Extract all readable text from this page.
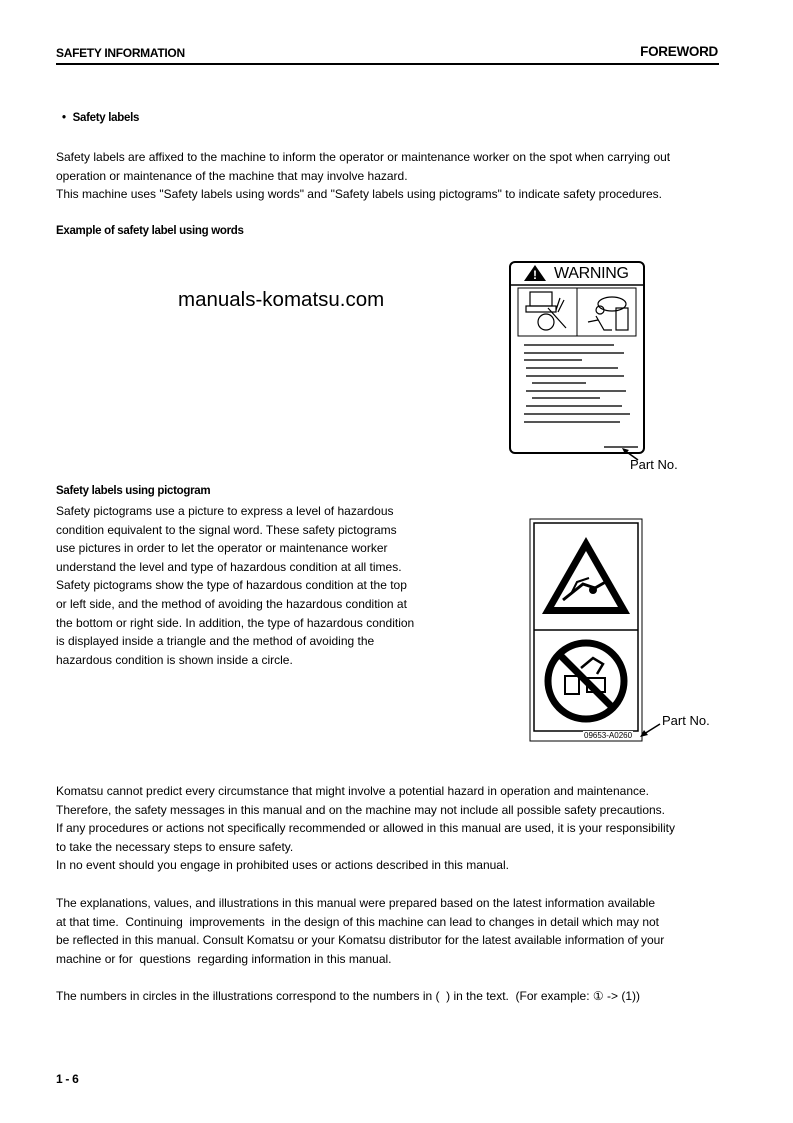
SAFETY INFORMATION	FOREWORD
• Safety labels
Safety labels are affixed to the machine to inform the operator or maintenance worker on the spot when carrying out
operation or maintenance of the machine that may involve hazard.
This machine uses "Safety labels using words" and "Safety labels using pictograms" to indicate safety procedures.
Example of safety label using words
manuals-komatsu.com
! WARNING
Part No.
Safety labels using pictogram
Safety pictograms use a picture to express a level of hazardous
condition equivalent to the signal word. These safety pictograms
use pictures in order to let the operator or maintenance worker
understand the level and type of hazardous condition at all times.
Safety pictograms show the type of hazardous condition at the top
or left side, and the method of avoiding the hazardous condition at
the bottom or right side. In addition, the type of hazardous condition
is displayed inside a triangle and the method of avoiding the
hazardous condition is shown inside a circle.
09653-A0260
Part No.
Komatsu cannot predict every circumstance that might involve a potential hazard in operation and maintenance.
Therefore, the safety messages in this manual and on the machine may not include all possible safety precautions.
If any procedures or actions not specifically recommended or allowed in this manual are used, it is your responsibility
to take the necessary steps to ensure safety.
In no event should you engage in prohibited uses or actions described in this manual.
The explanations, values, and illustrations in this manual were prepared based on the latest information available
at that time.  Continuing  improvements  in the design of this machine can lead to changes in detail which may not
be reflected in this manual. Consult Komatsu or your Komatsu distributor for the latest available information of your
machine or for  questions  regarding information in this manual.
The numbers in circles in the illustrations correspond to the numbers in (  ) in the text.  (For example: ① -> (1))
1 - 6
